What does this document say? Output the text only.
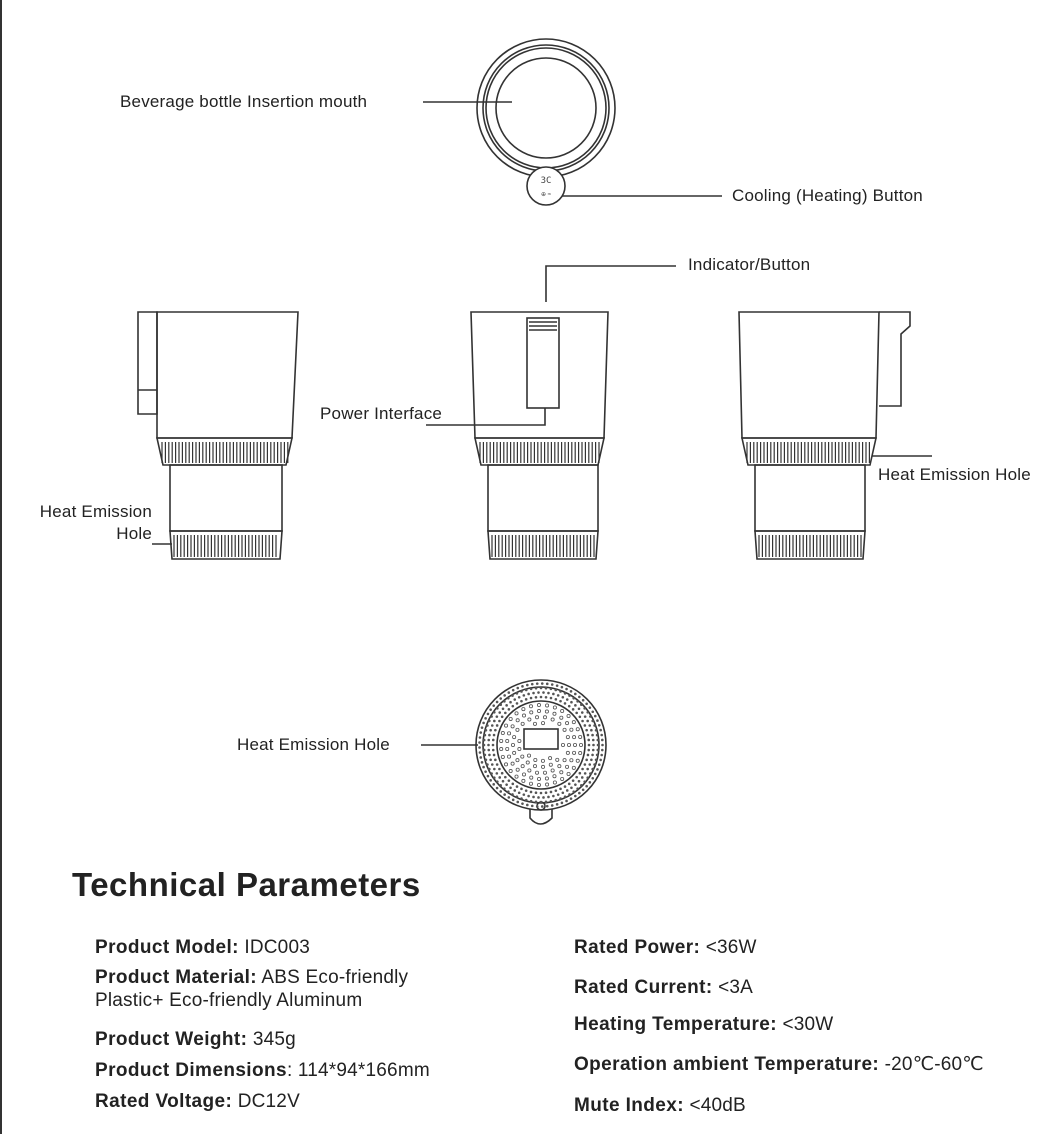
3C
⊕ ≈
Beverage bottle Insertion mouth
Cooling (Heating) Button
Indicator/Button
Power Interface
Heat Emission Hole
Heat Emission Hole
Heat Emission Hole
Technical Parameters
Product Model: IDC003
Product Material: ABS Eco-friendly Plastic+ Eco-friendly Aluminum
Product Weight: 345g
Product Dimensions: 114*94*166mm
Rated Voltage: DC12V
Rated Power: <36W
Rated Current: <3A
Heating Temperature: <30W
Operation ambient Temperature: -20℃-60℃
Mute Index: <40dB
